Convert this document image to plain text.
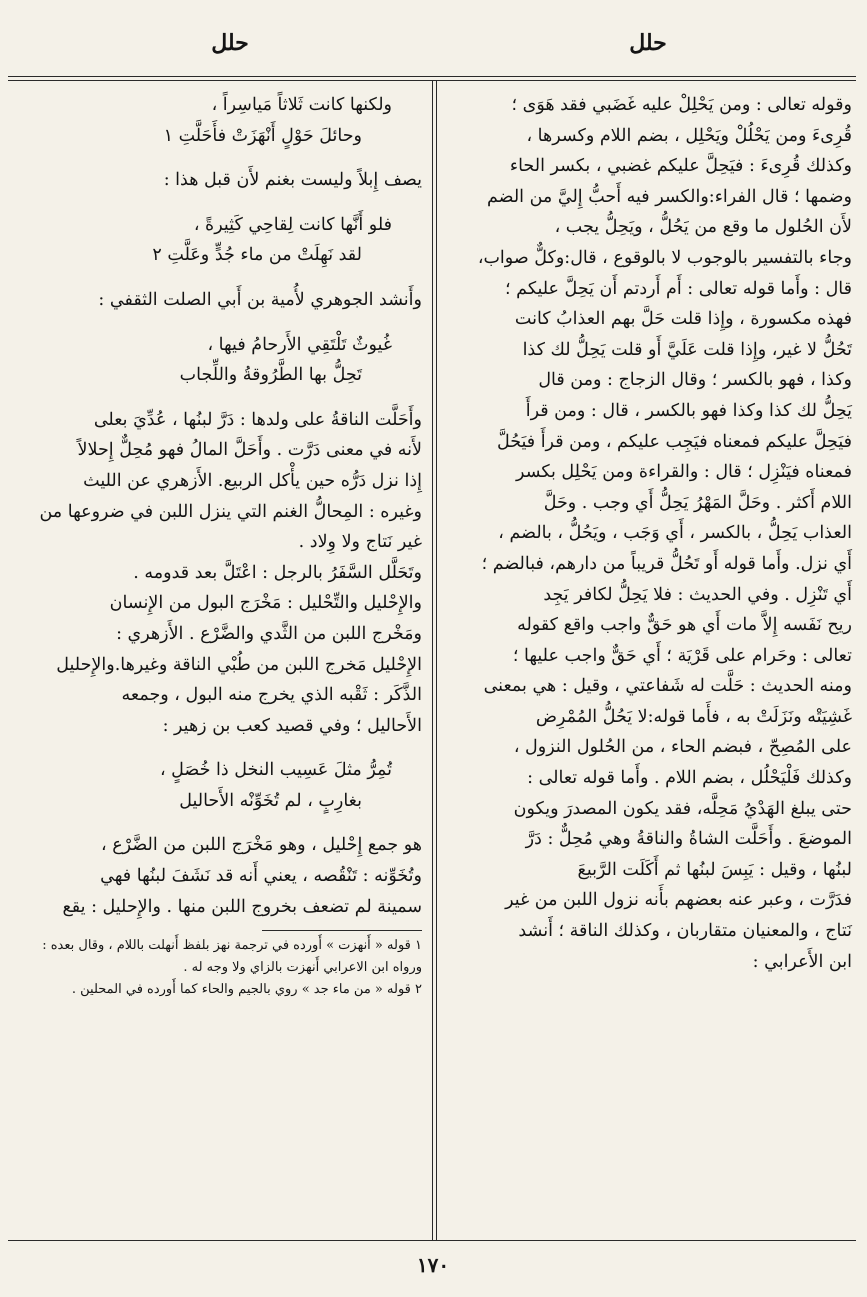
حلل
حلل

وقوله تعالى : ومن يَحْلِلْ عليه غَضَبي فقد هَوَى ؛

قُرِىءَ ومن يَحْلُلْ ويَحْلِل ، بضم اللام وكسرها ،

وكذلك قُرِىءَ : فيَحِلَّ عليكم غضبي ، بكسر الحاء

وضمها ؛ قال الفراء:والكسر فيه أَحبُّ إِليَّ من الضم

لأَن الحُلول ما وقع من يَحُلُّ ، ويَحِلُّ يجب ،

وجاء بالتفسير بالوجوب لا بالوقوع ، قال:وكلٌّ صواب،

قال : وأَما قوله تعالى : أَم أَردتم أَن يَحِلَّ عليكم ؛

فهذه مكسورة ، وإِذا قلت حَلَّ بهم العذابُ كانت

تَحُلُّ لا غير، وإِذا قلت عَلَيَّ أَو قلت يَحِلُّ لك كذا

وكذا ، فهو بالكسر ؛ وقال الزجاج : ومن قال

يَحِلُّ لك كذا وكذا فهو بالكسر ، قال : ومن قرأَ

فيَحِلَّ عليكم فمعناه فيَجِب عليكم ، ومن قرأَ فيَحُلَّ

فمعناه فيَنْزِل ؛ قال : والقراءة ومن يَحْلِل بكسر

اللام أَكثر . وحَلَّ المَهْرُ يَحِلُّ أَي وجب . وحَلَّ

العذاب يَحِلُّ ، بالكسر ، أَي وَجَب ، ويَحُلُّ ، بالضم ،

أَي نزل. وأَما قوله أَو تَحُلُّ قريباً من دارهم، فبالضم ؛

أَي تَنْزِل . وفي الحديث : فلا يَحِلُّ لكافر يَجِد

ريح نَفَسه إِلاَّ مات أَي هو حَقٌّ واجب واقع كقوله

تعالى : وحَرام على قَرْيَة ؛ أَي حَقٌّ واجب عليها ؛

ومنه الحديث : حَلَّت له شَفاعتي ، وقيل : هي بمعنى

غَشِيَتْه ونَزَلَتْ به ، فأَما قوله:لا يَحُلُّ المُمْرِض

على المُصِحّ ، فبضم الحاء ، من الحُلول النزول ،

وكذلك فَلْيَحْلُل ، بضم اللام . وأَما قوله تعالى :

حتى يبلغ الهَدْيُ مَحِلَّه، فقد يكون المصدرَ ويكون

الموضعَ . وأَحَلَّت الشاةُ والناقةُ وهي مُحِلٌّ : دَرَّ

لبنُها ، وقيل : يَبِسَ لبنُها ثم أَكَلَت الرَّبيعَ

فدَرَّت ، وعبر عنه بعضهم بأَنه نزول اللبن من غير

نَتاج ، والمعنيان متقاربان ، وكذلك الناقة ؛ أَنشد

ابن الأَعرابي :

ولكنها كانت ثَلاثاً مَياسِراً ،

وحائلَ حَوْلٍ أَنْهَزَتْ فأَحَلَّتِ ١

يصف إِبلاً وليست بغنم لأَن قبل هذا :

فلو أَنَّها كانت لِقاحِي كَثِيرةً ،

لقد نَهِلَتْ من ماء جُدٍّ وعَلَّتِ ٢

وأَنشد الجوهري لأُمية بن أَبي الصلت الثقفي :

غُيوثٌ تَلْتَقِي الأَرحامُ فيها ،

تَحِلُّ بها الطَّرُوقةُ واللِّجاب

وأَحَلَّت الناقةُ على ولدها : دَرَّ لبنُها ، عُدِّيَ بعلى

لأَنه في معنى دَرَّت . وأَحَلَّ المالُ فهو مُحِلٌّ إِحلالاً

إِذا نزل دَرُّه حين يأْكل الربيع. الأَزهري عن الليث

وغيره : المِحالُّ الغنم التي ينزل اللبن في ضروعها من

غير نَتاج ولا وِلاد .

وتَحَلَّل السَّفَرُ بالرجل : اعْتَلَّ بعد قدومه .

والإِحْليل والتِّحْليل : مَخْرَج البول من الإِنسان

ومَخْرج اللبن من الثَّدي والضَّرْع . الأَزهري :

الإِحْليل مَخرج اللبن من طُبْي الناقة وغيرها.والإِحليل

الذَّكَر : ثَقْبه الذي يخرج منه البول ، وجمعه

الأَحاليل ؛ وفي قصيد كعب بن زهير :

تُمِرُّ مثلَ عَسِيب النخل ذا خُصَلٍ ،

بغارِبٍ ، لم تُخَوِّنْه الأَحاليل

هو جمع إِحْليل ، وهو مَخْرَج اللبن من الضَّرْع ،

وتُخَوِّنه : تَنْقُصه ، يعني أَنه قد نَشَفَ لبنُها فهي

سمينة لم تضعف بخروج اللبن منها . والإِحليل : يقع

١ قوله « أَنهزت » أَورده في ترجمة نهز بلفظ أَنهلت باللام ، وقال بعده : ورواه ابن الاعرابي أَنهزت بالزاي ولا وجه له .

٢ قوله « من ماء جد » روي بالجيم والحاء كما أَورده في المحلين .

١٧٠
